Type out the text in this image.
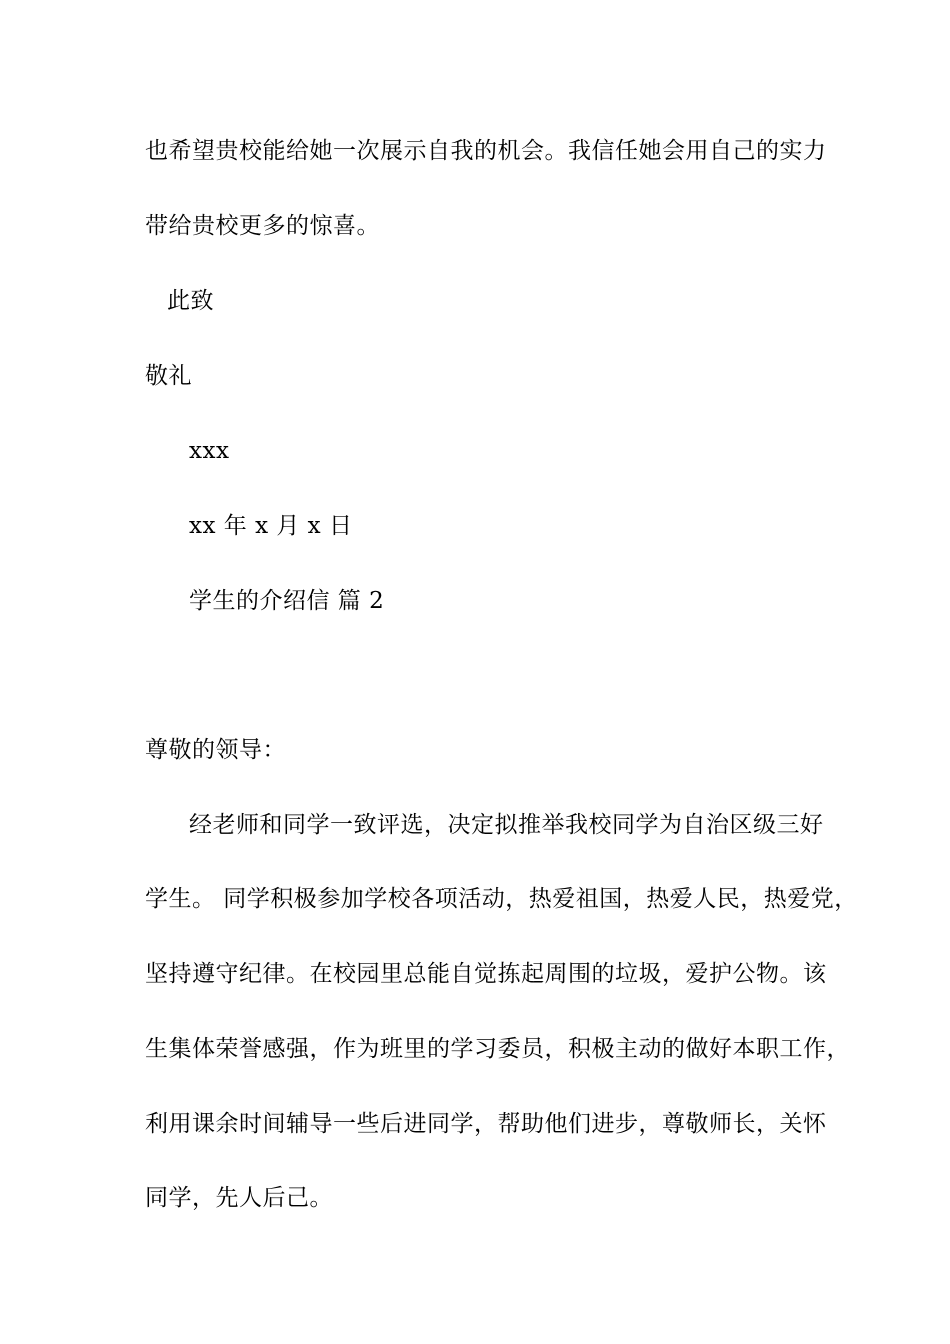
也希望贵校能给她一次展示自我的机会。我信任她会用自己的实力
带给贵校更多的惊喜。
此致
敬礼
xxx
xx 年 x 月 x 日
学生的介绍信 篇 2
尊敬的领导：
经老师和同学一致评选，决定拟推举我校同学为自治区级三好
学生。 同学积极参加学校各项活动，热爱祖国，热爱人民，热爱党，
坚持遵守纪律。在校园里总能自觉拣起周围的垃圾，爱护公物。该
生集体荣誉感强，作为班里的学习委员，积极主动的做好本职工作，
利用课余时间辅导一些后进同学，帮助他们进步，尊敬师长，关怀
同学，先人后己。
